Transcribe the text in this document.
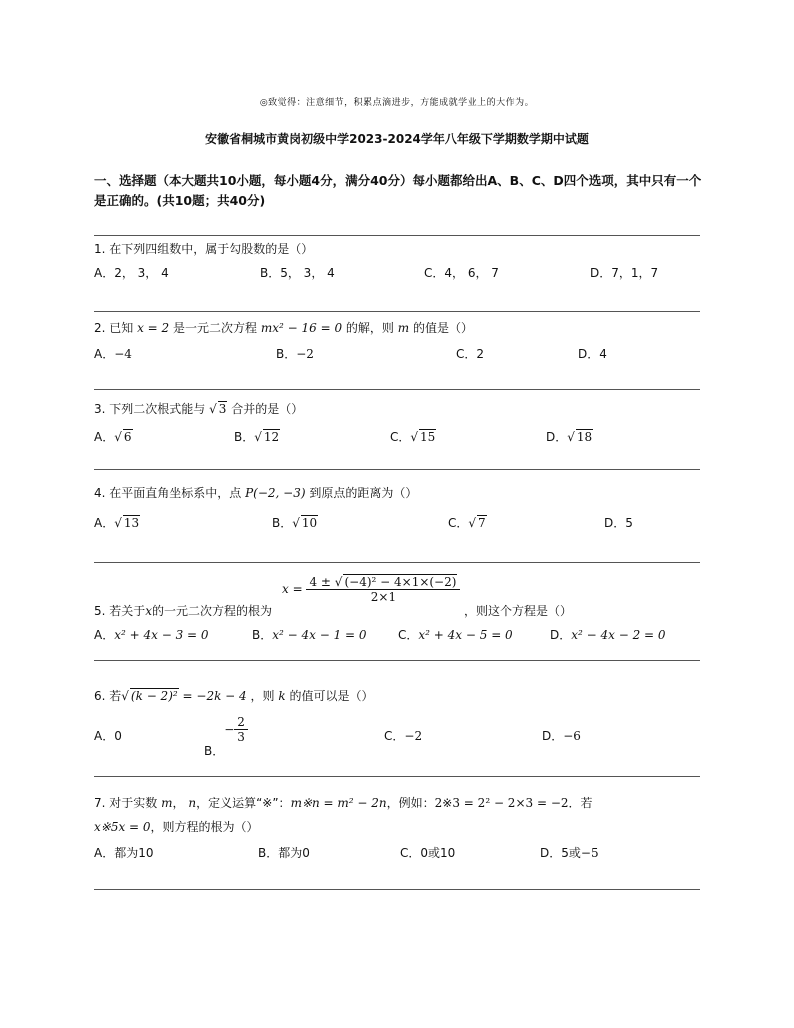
◎致觉得：注意细节，积累点滴进步，方能成就学业上的大作为。
安徽省桐城市黄岗初级中学2023-2024学年八年级下学期数学期中试题
一、选择题（本大题共10小题，每小题4分，满分40分）每小题都给出A、B、C、D四个选项，其中只有一个是正确的。(共10题；共40分)
1. 在下列四组数中，属于勾股数的是（）
A．2， 3， 4	B．5， 3， 4	C．4， 6， 7	D．7，1，7
2. 已知 x = 2 是一元二次方程 mx² − 16 = 0 的解，则 m 的值是（）
A．−4	B．−2	C．2	D．4
3. 下列二次根式能与 √ 3 合并的是（）
A．√ 6	B．√ 12	C．√ 15	D．√ 18
4. 在平面直角坐标系中，点 P(−2, −3) 到原点的距离为（）
A．√ 13	B．√ 10	C．√ 7	D．5
5. 若关于x的一元二次方程的根为
$x = \frac{\text{4 ± √ (−4)² − 4×1×(−2)}}{2\times 1}$
，则这个方程是（）
A．x² + 4x − 3 = 0	B．x² − 4x − 1 = 0	C．x² + 4x − 5 = 0	D．x² − 4x − 2 = 0
6. 若√ (k − 2)² = −2k − 4 ，则 k 的值可以是（）
A．0
B．− $\frac{2}{3}$	C．−2	D．−6
7. 对于实数 m， n，定义运算“※”：m※n = m² − 2n，例如：2※3 = 2² − 2×3 = −2．若
x※5x = 0，则方程的根为（）
A．都为10	B．都为0	C．0或10	D．5或−5
